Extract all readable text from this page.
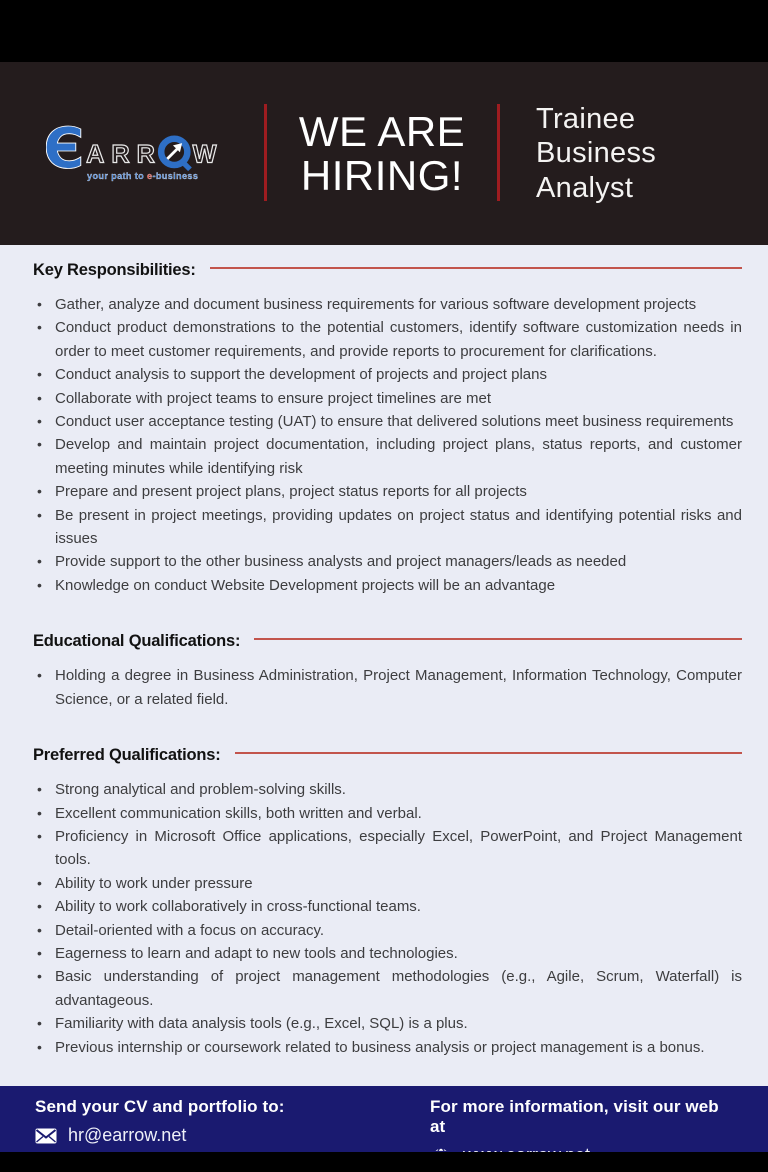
Є ARR W
your path to e-business
WE ARE
HIRING!
Trainee
Business
Analyst
Key Responsibilities:
• Gather, analyze and document business requirements for various software development projects
• Conduct product demonstrations to the potential customers, identify software customization needs in order to meet customer requirements, and provide reports to procurement for clarifications.
• Conduct analysis to support the development of projects and project plans
• Collaborate with project teams to ensure project timelines are met
• Conduct user acceptance testing (UAT) to ensure that delivered solutions meet business requirements
• Develop and maintain project documentation, including project plans, status reports, and customer meeting minutes while identifying risk
• Prepare and present project plans, project status reports for all projects
• Be present in project meetings, providing updates on project status and identifying potential risks and issues
• Provide support to the other business analysts and project managers/leads as needed
• Knowledge on conduct Website Development projects will be an advantage
Educational Qualifications:
• Holding a degree in Business Administration, Project Management, Information Technology, Computer Science, or a related field.
Preferred Qualifications:
• Strong analytical and problem-solving skills.
• Excellent communication skills, both written and verbal.
• Proficiency in Microsoft Office applications, especially Excel, PowerPoint, and Project Management tools.
• Ability to work under pressure
• Ability to work collaboratively in cross-functional teams.
• Detail-oriented with a focus on accuracy.
• Eagerness to learn and adapt to new tools and technologies.
• Basic understanding of project management methodologies (e.g., Agile, Scrum, Waterfall) is advantageous.
• Familiarity with data analysis tools (e.g., Excel, SQL) is a plus.
• Previous internship or coursework related to business analysis or project management is a bonus.
Send your CV and portfolio to:
hr@earrow.net
For more information, visit our web at
